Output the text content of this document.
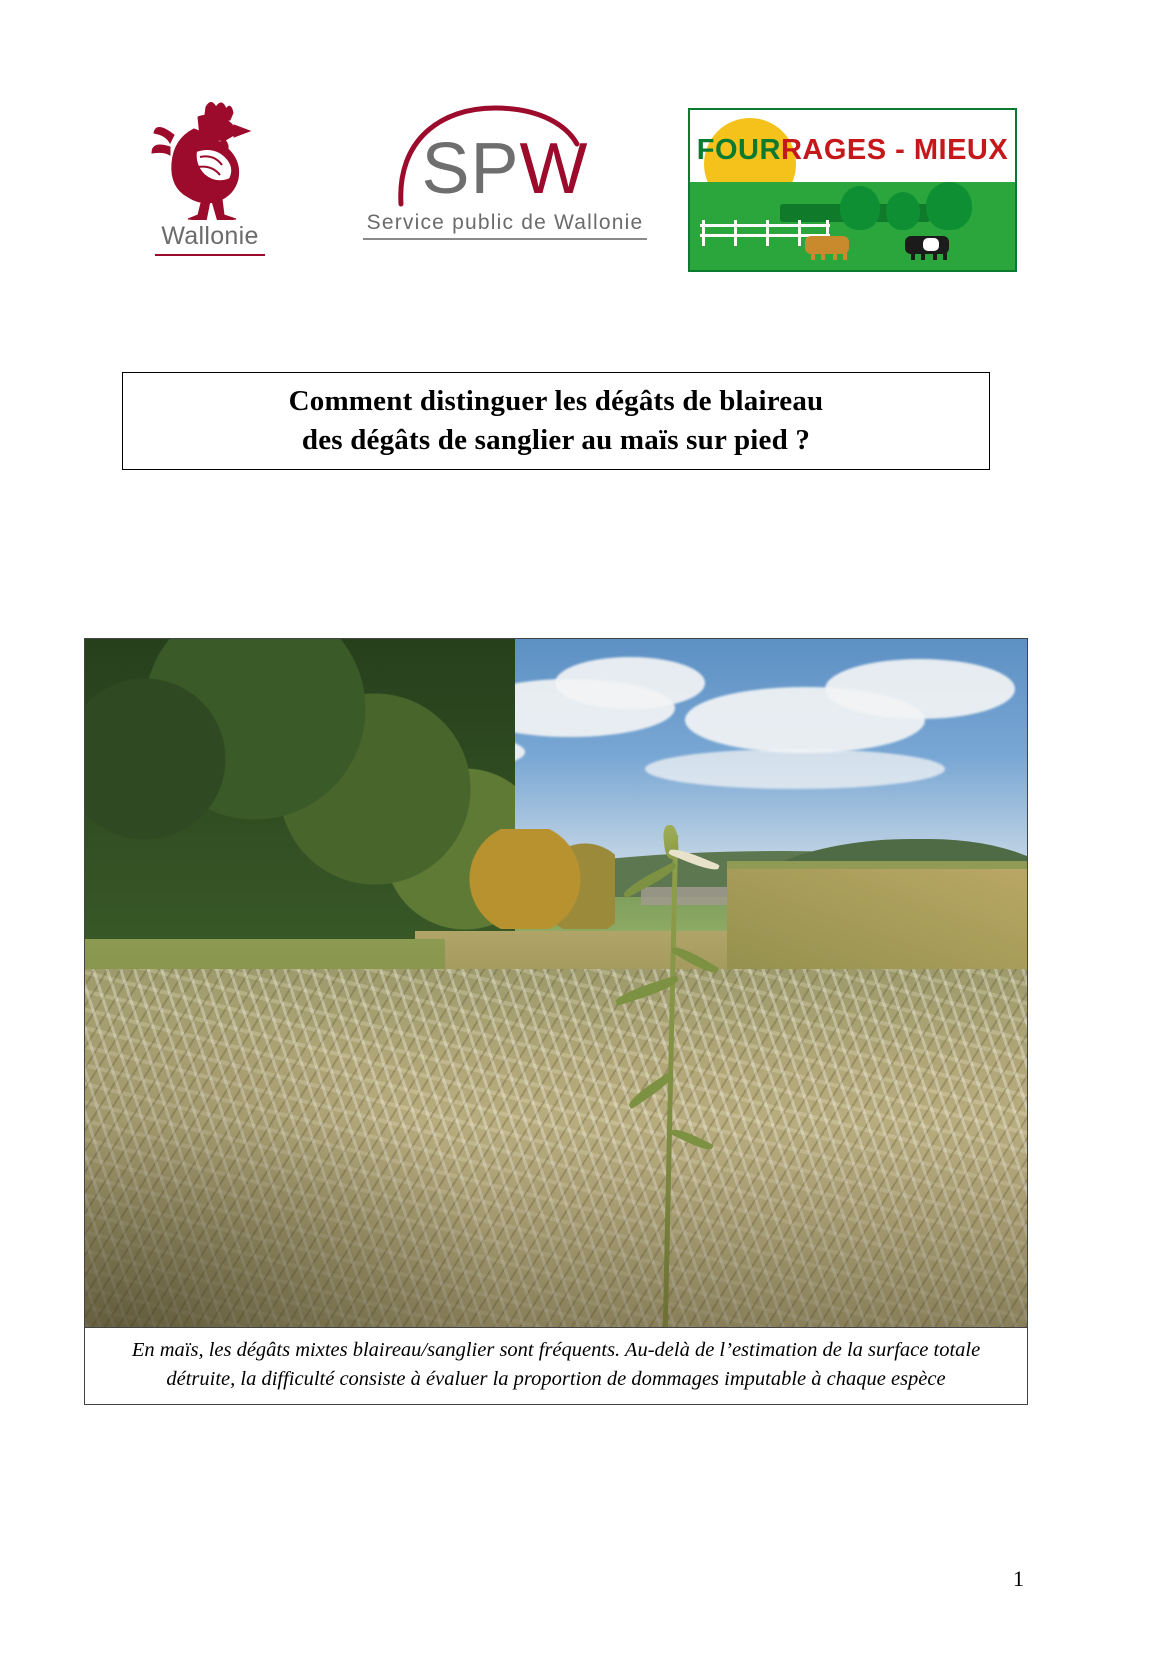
Wallonie
SPW
Service public de Wallonie
FOURRAGES - MIEUX
Comment distinguer les dégâts de blaireau
des dégâts de sanglier au maïs sur pied ?
En maïs, les dégâts mixtes blaireau/sanglier sont fréquents. Au-delà de l’estimation de la surface totale détruite, la difficulté consiste à évaluer la proportion de dommages imputable à chaque espèce
1
